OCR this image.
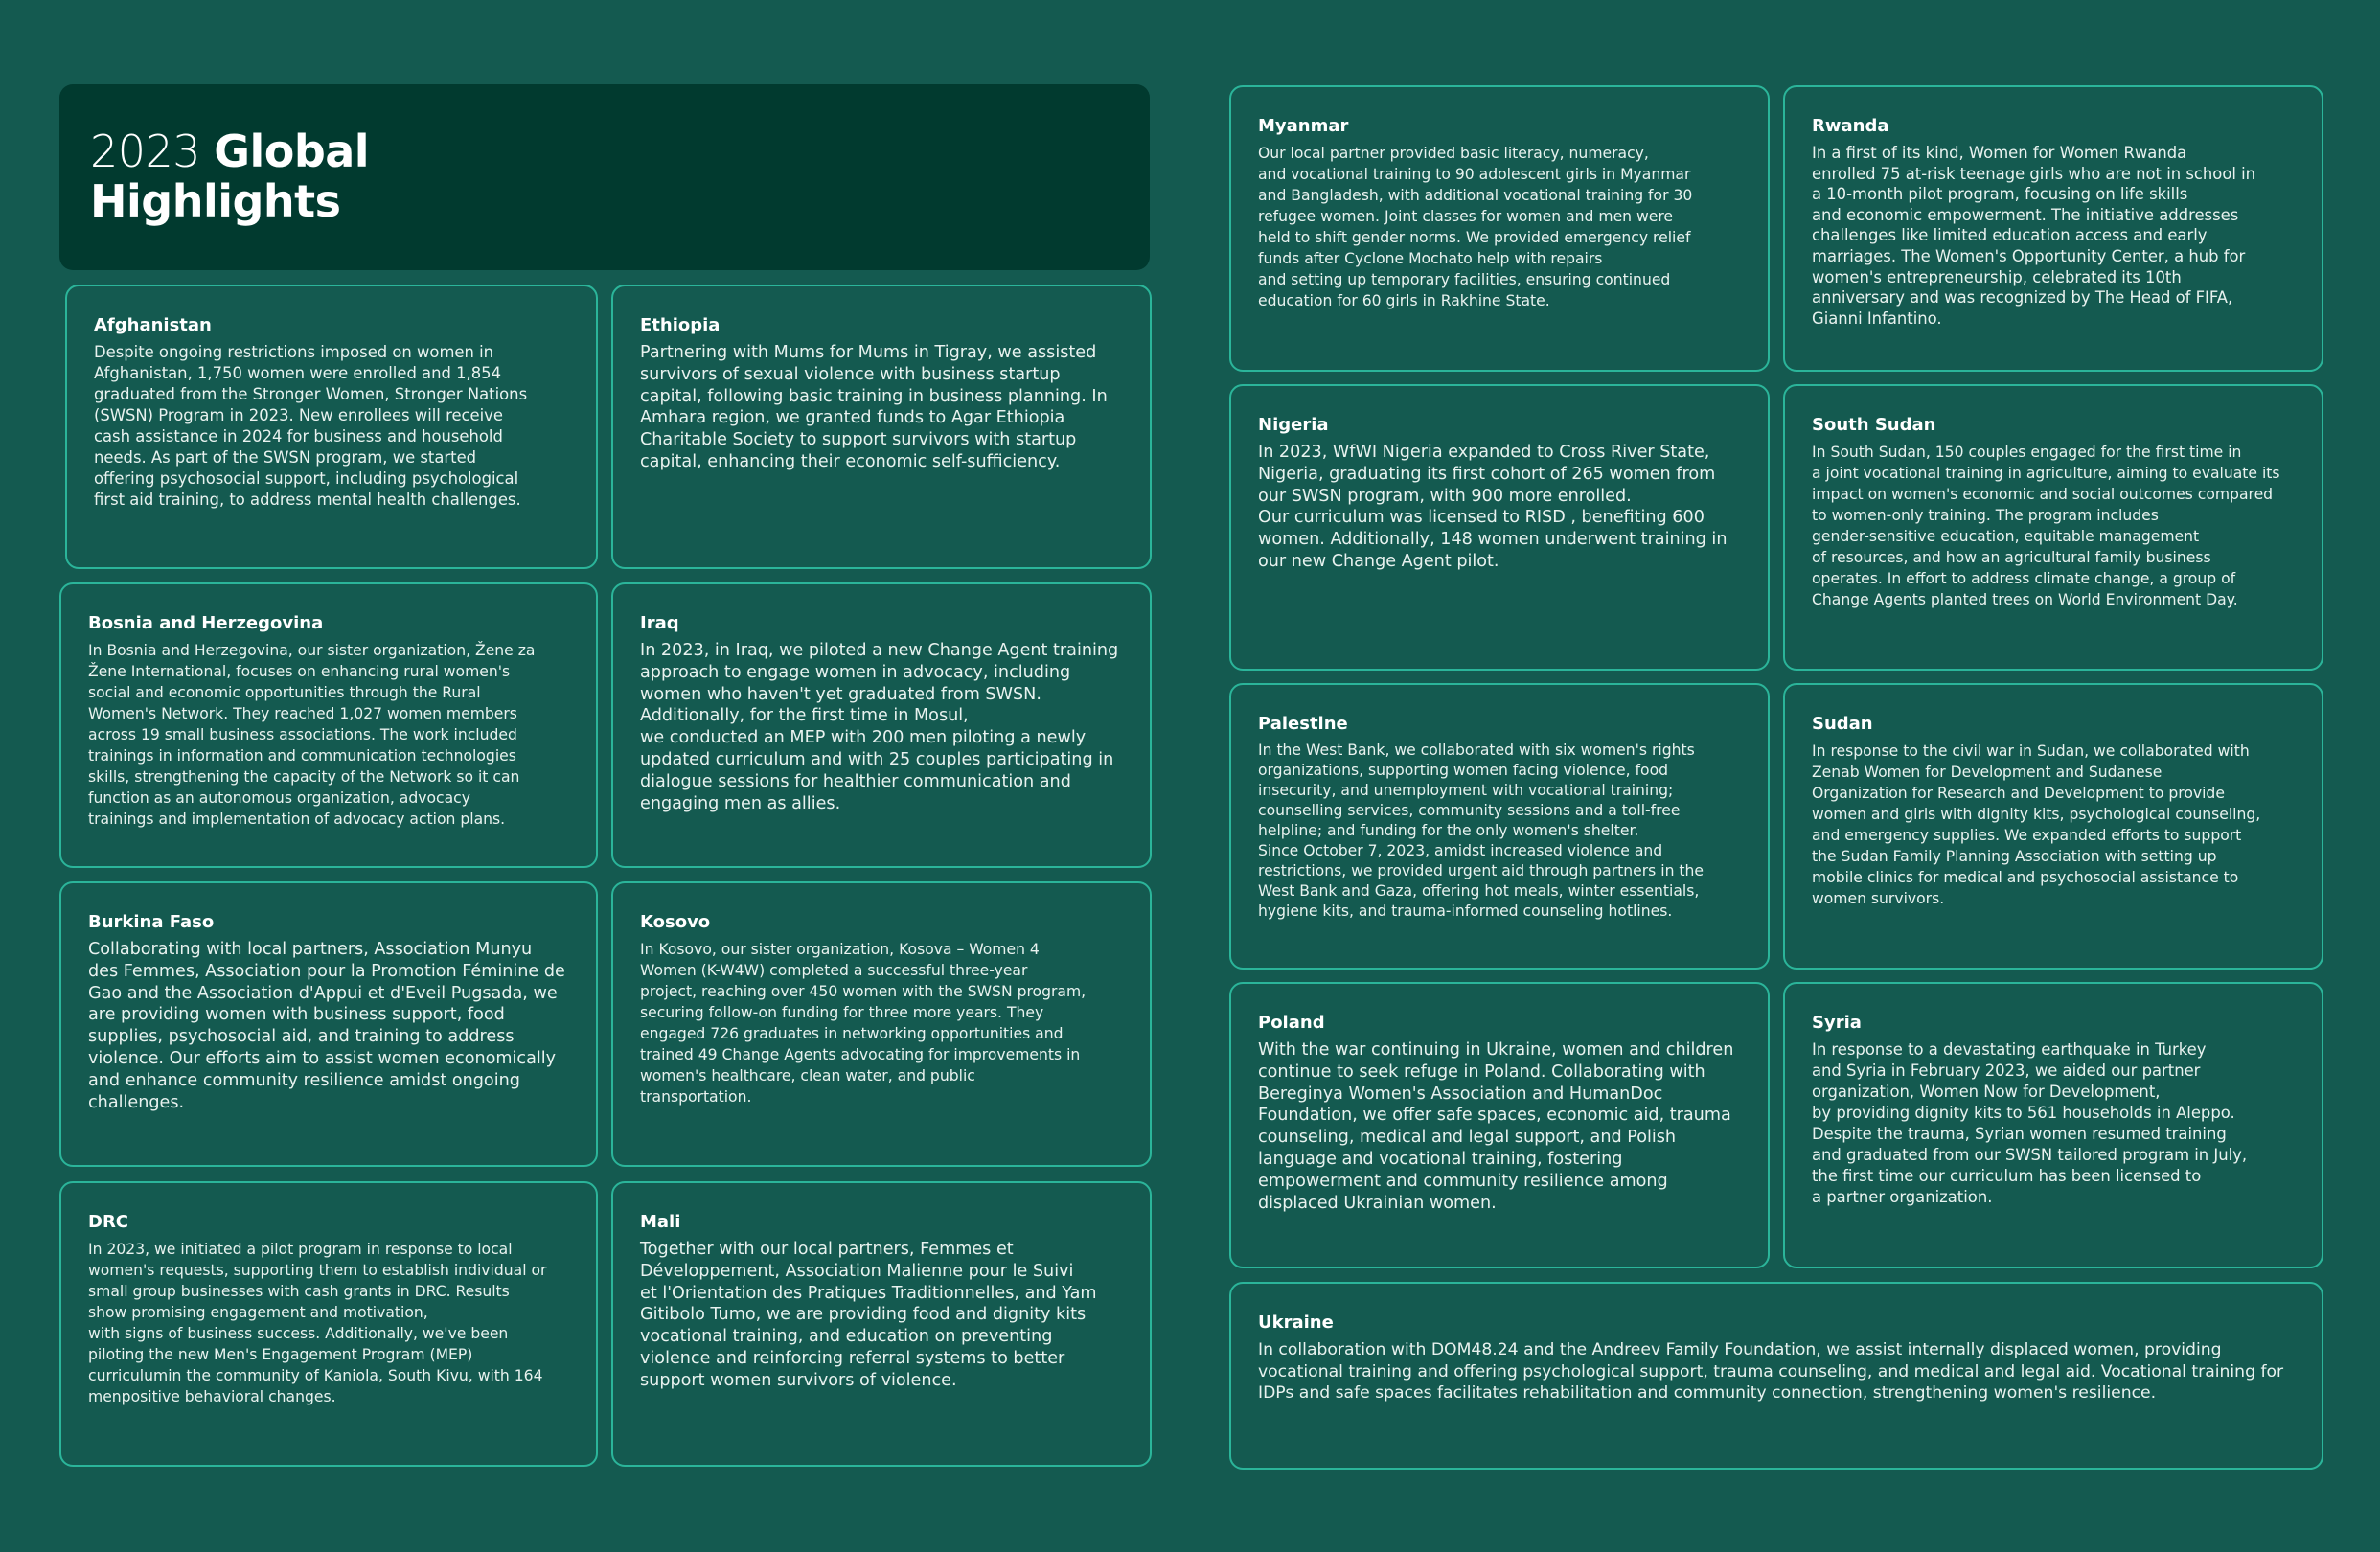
2023 Global
Highlights
Afghanistan

Despite ongoing restrictions imposed on women in
Afghanistan, 1,750 women were enrolled and 1,854
graduated from the Stronger Women, Stronger Nations
(SWSN) Program in 2023. New enrollees will receive
cash assistance in 2024 for business and household
needs. As part of the SWSN program, we started
offering psychosocial support, including psychological
first aid training, to address mental health challenges.

Bosnia and Herzegovina

In Bosnia and Herzegovina, our sister organization, Žene za
Žene International, focuses on enhancing rural women's
social and economic opportunities through the Rural
Women's Network. They reached 1,027 women members
across 19 small business associations. The work included
trainings in information and communication technologies
skills, strengthening the capacity of the Network so it can
function as an autonomous organization, advocacy
trainings and implementation of advocacy action plans.

Burkina Faso

Collaborating with local partners, Association Munyu
des Femmes, Association pour la Promotion Féminine de
Gao and the Association d'Appui et d'Eveil Pugsada, we
are providing women with business support, food
supplies, psychosocial aid, and training to address
violence. Our efforts aim to assist women economically
and enhance community resilience amidst ongoing
challenges.

DRC

In 2023, we initiated a pilot program in response to local
women's requests, supporting them to establish individual or
small group businesses with cash grants in DRC. Results
show promising engagement and motivation,
with signs of business success. Additionally, we've been
piloting the new Men's Engagement Program (MEP)
curriculumin the community of Kaniola, South Kivu, with 164
menpositive behavioral changes.

Ethiopia

Partnering with Mums for Mums in Tigray, we assisted
survivors of sexual violence with business startup
capital, following basic training in business planning. In
Amhara region, we granted funds to Agar Ethiopia
Charitable Society to support survivors with startup
capital, enhancing their economic self-sufficiency.

Iraq

In 2023, in Iraq, we piloted a new Change Agent training
approach to engage women in advocacy, including
women who haven't yet graduated from SWSN.
Additionally, for the first time in Mosul,
we conducted an MEP with 200 men piloting a newly
updated curriculum and with 25 couples participating in
dialogue sessions for healthier communication and
engaging men as allies.

Kosovo

In Kosovo, our sister organization, Kosova – Women 4
Women (K-W4W) completed a successful three-year
project, reaching over 450 women with the SWSN program,
securing follow-on funding for three more years. They
engaged 726 graduates in networking opportunities and
trained 49 Change Agents advocating for improvements in
women's healthcare, clean water, and public
transportation.

Mali

Together with our local partners, Femmes et
Développement, Association Malienne pour le Suivi
et l'Orientation des Pratiques Traditionnelles, and Yam
Gitibolo Tumo, we are providing food and dignity kits
vocational training, and education on preventing
violence and reinforcing referral systems to better
support women survivors of violence.

Myanmar

Our local partner provided basic literacy, numeracy,
and vocational training to 90 adolescent girls in Myanmar
and Bangladesh, with additional vocational training for 30
refugee women. Joint classes for women and men were
held to shift gender norms. We provided emergency relief
funds after Cyclone Mochato help with repairs
and setting up temporary facilities, ensuring continued
education for 60 girls in Rakhine State.

Nigeria

In 2023, WfWI Nigeria expanded to Cross River State,
Nigeria, graduating its first cohort of 265 women from
our SWSN program, with 900 more enrolled.
Our curriculum was licensed to RISD , benefiting 600
women. Additionally, 148 women underwent training in
our new Change Agent pilot.

Palestine

In the West Bank, we collaborated with six women's rights
organizations, supporting women facing violence, food
insecurity, and unemployment with vocational training;
counselling services, community sessions and a toll-free
helpline; and funding for the only women's shelter.
Since October 7, 2023, amidst increased violence and
restrictions, we provided urgent aid through partners in the
West Bank and Gaza, offering hot meals, winter essentials,
hygiene kits, and trauma-informed counseling hotlines.

Poland

With the war continuing in Ukraine, women and children
continue to seek refuge in Poland. Collaborating with
Bereginya Women's Association and HumanDoc
Foundation, we offer safe spaces, economic aid, trauma
counseling, medical and legal support, and Polish
language and vocational training, fostering
empowerment and community resilience among
displaced Ukrainian women.

Rwanda

In a first of its kind, Women for Women Rwanda
enrolled 75 at-risk teenage girls who are not in school in
a 10-month pilot program, focusing on life skills
and economic empowerment. The initiative addresses
challenges like limited education access and early
marriages. The Women's Opportunity Center, a hub for
women's entrepreneurship, celebrated its 10th
anniversary and was recognized by The Head of FIFA,
Gianni Infantino.

South Sudan

In South Sudan, 150 couples engaged for the first time in
a joint vocational training in agriculture, aiming to evaluate its
impact on women's economic and social outcomes compared
to women-only training. The program includes
gender-sensitive education, equitable management
of resources, and how an agricultural family business
operates. In effort to address climate change, a group of
Change Agents planted trees on World Environment Day.

Sudan

In response to the civil war in Sudan, we collaborated with
Zenab Women for Development and Sudanese
Organization for Research and Development to provide
women and girls with dignity kits, psychological counseling,
and emergency supplies. We expanded efforts to support
the Sudan Family Planning Association with setting up
mobile clinics for medical and psychosocial assistance to
women survivors.

Syria

In response to a devastating earthquake in Turkey
and Syria in February 2023, we aided our partner
organization, Women Now for Development,
by providing dignity kits to 561 households in Aleppo.
Despite the trauma, Syrian women resumed training
and graduated from our SWSN tailored program in July,
the first time our curriculum has been licensed to
a partner organization.

Ukraine

In collaboration with DOM48.24 and the Andreev Family Foundation, we assist internally displaced women, providing
vocational training and offering psychological support, trauma counseling, and medical and legal aid. Vocational training for
IDPs and safe spaces facilitates rehabilitation and community connection, strengthening women's resilience.
